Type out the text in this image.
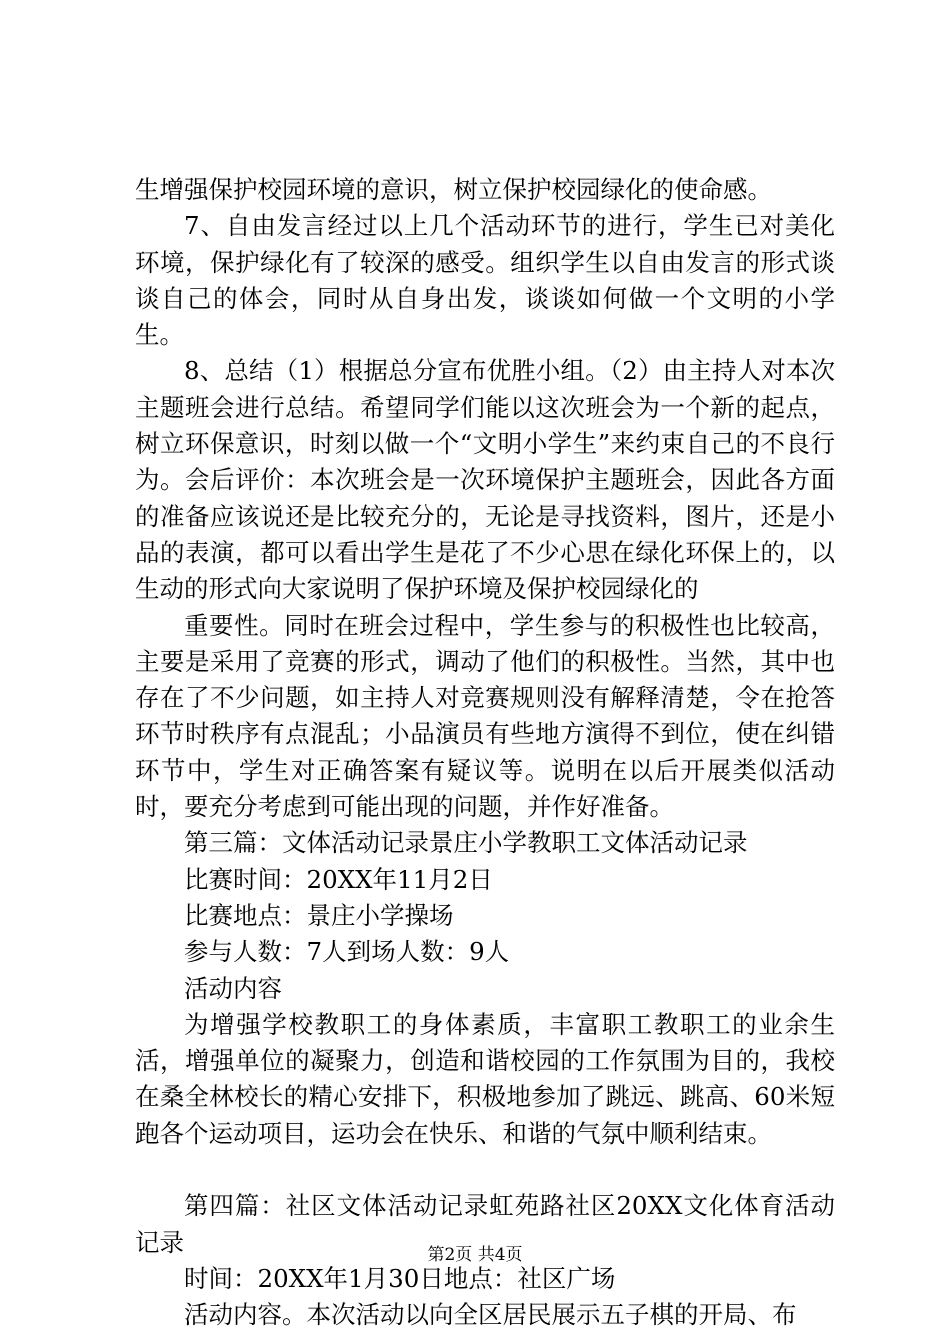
生增强保护校园环境的意识，树立保护校园绿化的使命感。

7、自由发言经过以上几个活动环节的进行，学生已对美化环境，保护绿化有了较深的感受。组织学生以自由发言的形式谈谈自己的体会，同时从自身出发，谈谈如何做一个文明的小学生。

8、总结（1）根据总分宣布优胜小组。（2）由主持人对本次主题班会进行总结。希望同学们能以这次班会为一个新的起点，树立环保意识，时刻以做一个“文明小学生”来约束自己的不良行为。会后评价：本次班会是一次环境保护主题班会，因此各方面的准备应该说还是比较充分的，无论是寻找资料，图片，还是小品的表演，都可以看出学生是花了不少心思在绿化环保上的，以生动的形式向大家说明了保护环境及保护校园绿化的

重要性。同时在班会过程中，学生参与的积极性也比较高，主要是采用了竞赛的形式，调动了他们的积极性。当然，其中也存在了不少问题，如主持人对竞赛规则没有解释清楚，令在抢答环节时秩序有点混乱；小品演员有些地方演得不到位，使在纠错环节中，学生对正确答案有疑议等。说明在以后开展类似活动时，要充分考虑到可能出现的问题，并作好准备。

第三篇：文体活动记录景庄小学教职工文体活动记录

比赛时间：20XX年11月2日

比赛地点：景庄小学操场

参与人数：7人到场人数：9人

活动内容

为增强学校教职工的身体素质，丰富职工教职工的业余生活，增强单位的凝聚力，创造和谐校园的工作氛围为目的，我校在桑全林校长的精心安排下，积极地参加了跳远、跳高、60米短跑各个运动项目，运功会在快乐、和谐的气氛中顺利结束。

第四篇：社区文体活动记录虹苑路社区20XX文化体育活动记录

时间：20XX年1月30日地点：社区广场

活动内容。本次活动以向全区居民展示五子棋的开局、布

第2页 共4页
